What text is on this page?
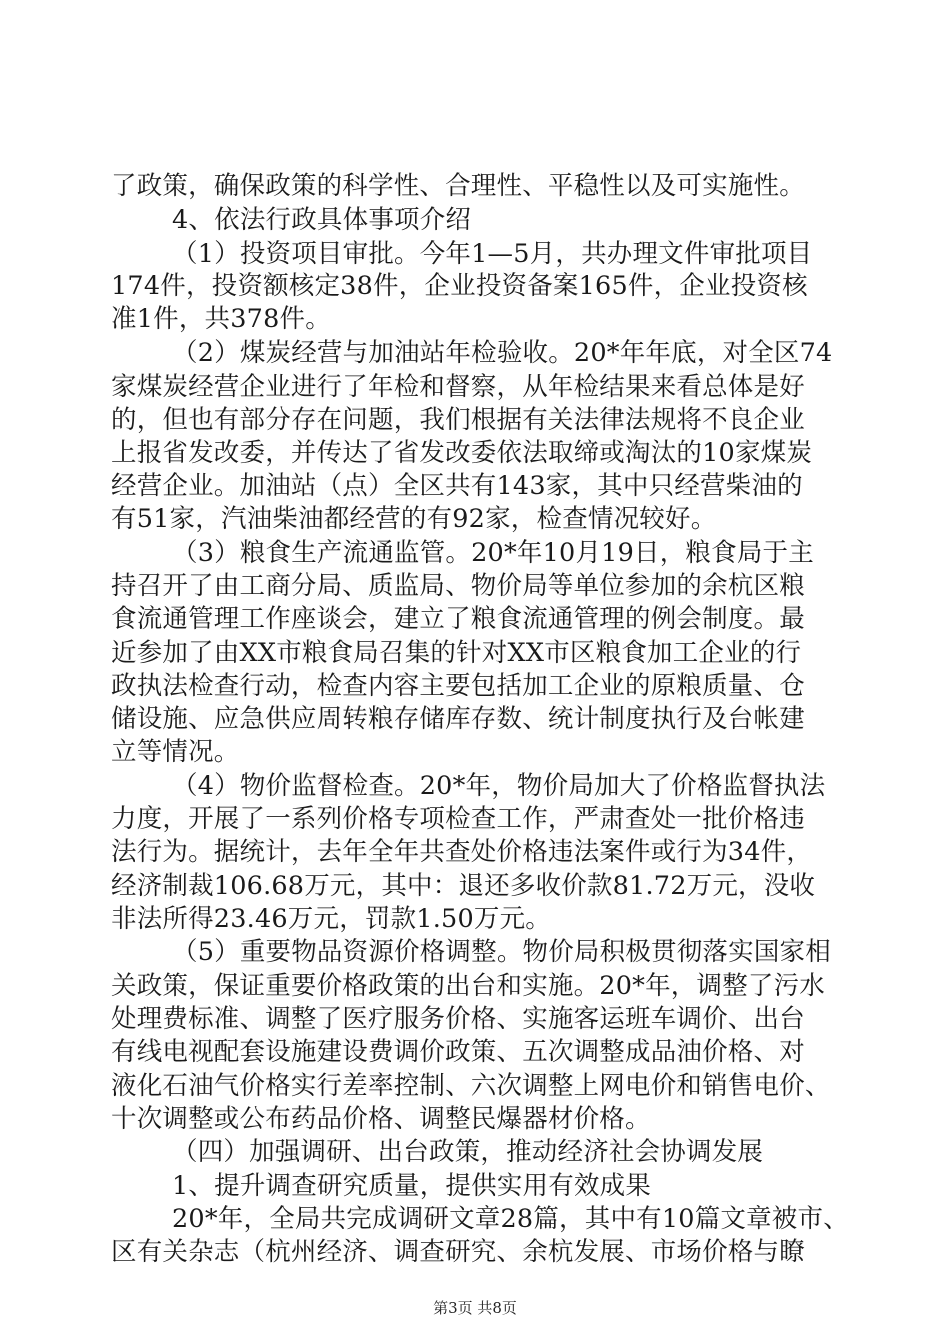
了政策，确保政策的科学性、合理性、平稳性以及可实施性。
4、依法行政具体事项介绍
（1）投资项目审批。今年1—5月，共办理文件审批项目
174件，投资额核定38件，企业投资备案165件，企业投资核
准1件，共378件。
（2）煤炭经营与加油站年检验收。20*年年底，对全区74
家煤炭经营企业进行了年检和督察，从年检结果来看总体是好
的，但也有部分存在问题，我们根据有关法律法规将不良企业
上报省发改委，并传达了省发改委依法取缔或淘汰的10家煤炭
经营企业。加油站（点）全区共有143家，其中只经营柴油的
有51家，汽油柴油都经营的有92家，检查情况较好。
（3）粮食生产流通监管。20*年10月19日，粮食局于主
持召开了由工商分局、质监局、物价局等单位参加的余杭区粮
食流通管理工作座谈会，建立了粮食流通管理的例会制度。最
近参加了由XX市粮食局召集的针对XX市区粮食加工企业的行
政执法检查行动，检查内容主要包括加工企业的原粮质量、仓
储设施、应急供应周转粮存储库存数、统计制度执行及台帐建
立等情况。
（4）物价监督检查。20*年，物价局加大了价格监督执法
力度，开展了一系列价格专项检查工作，严肃查处一批价格违
法行为。据统计，去年全年共查处价格违法案件或行为34件，
经济制裁106.68万元，其中：退还多收价款81.72万元，没收
非法所得23.46万元，罚款1.50万元。
（5）重要物品资源价格调整。物价局积极贯彻落实国家相
关政策，保证重要价格政策的出台和实施。20*年，调整了污水
处理费标准、调整了医疗服务价格、实施客运班车调价、出台
有线电视配套设施建设费调价政策、五次调整成品油价格、对
液化石油气价格实行差率控制、六次调整上网电价和销售电价、
十次调整或公布药品价格、调整民爆器材价格。
（四）加强调研、出台政策，推动经济社会协调发展
1、提升调查研究质量，提供实用有效成果
20*年，全局共完成调研文章28篇，其中有10篇文章被市、
区有关杂志（杭州经济、调查研究、余杭发展、市场价格与瞭
第3页 共8页
